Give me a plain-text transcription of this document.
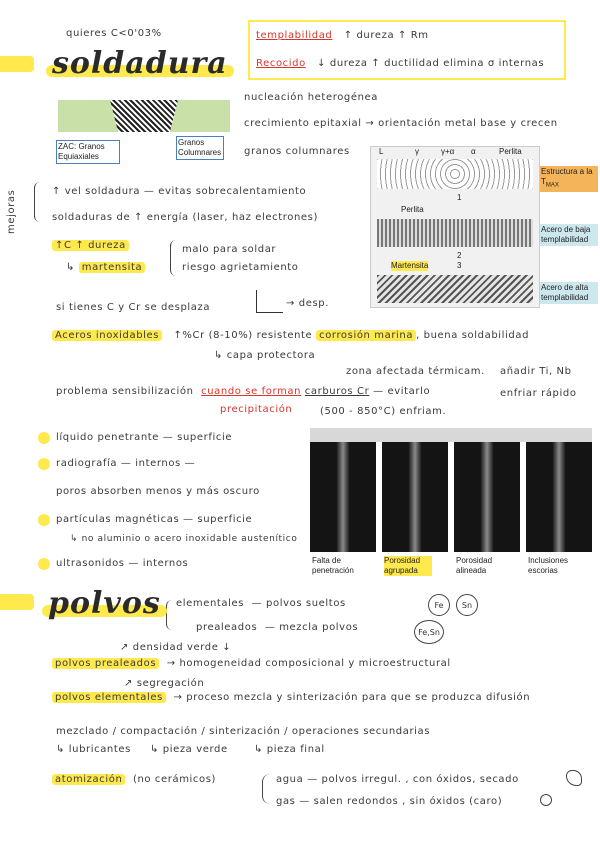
quieres C<0'03%
soldadura
templabilidad ↑ dureza ↑ Rm
Recocido ↓ dureza ↑ ductilidad elimina σ internas
ZAC: Granos Equiaxiales
Granos Columnares
nucleación heterogénea
crecimiento epitaxial → orientación metal base y crecen
granos columnares	L	γ	γ+α α	Perlita
Perlita
Martensita
1
2
3
Estructura a la $T_{MAX}$
Acero de baja templabilidad
Acero de alta templabilidad
mejoras	↑ vel soldadura — evitas sobrecalentamiento
soldaduras de ↑ energía (laser, haz electrones)
↑C ↑ dureza
↳ martensita
malo para soldar
riesgo agrietamiento
si tienes C y Cr se desplaza	→ desp.
Aceros inoxidables ↑%Cr (8-10%) resistente corrosión marina , buena soldabilidad
↳ capa protectora
zona afectada térmicam.
problema sensibilización cuando se forman carburos Cr — evitarlo
añadir Ti, Nb
enfriar rápido
precipitación	(500 - 850°C) enfriam.
líquido penetrante — superficie
radiografía — internos —
poros absorben menos y más oscuro
partículas magnéticas — superficie
↳ no aluminio o acero inoxidable austenítico
ultrasonidos — internos	Falta de penetración
Porosidad agrupada
Porosidad alineada
Inclusiones escorias
polvos elementales — polvos sueltos	Fe	Sn
prealeados — mezcla polvos	Fe,Sn
↗ densidad verde ↓
polvos prealeados → homogeneidad composicional y microestructural
↗ segregación
polvos elementales → proceso mezcla y sinterización para que se produzca difusión
mezclado / compactación / sinterización / operaciones secundarias
↳ lubricantes ↳ pieza verde	↳ pieza final
atomización (no cerámicos)	agua — polvos irregul. , con óxidos, secado
gas — salen redondos , sin óxidos (caro)
